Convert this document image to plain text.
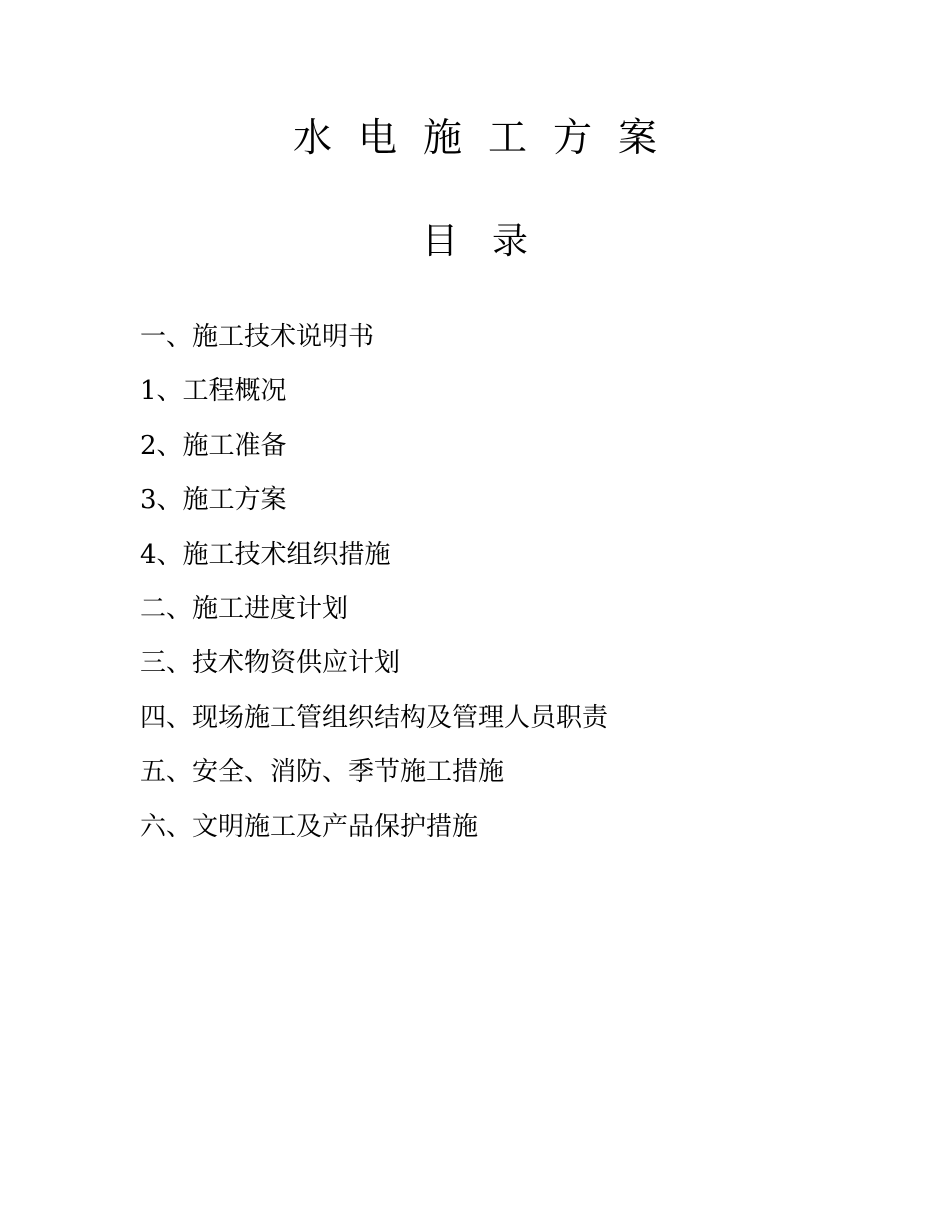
水电施工方案
目录
一、施工技术说明书
1、工程概况
2、施工准备
3、施工方案
4、施工技术组织措施
二、施工进度计划
三、技术物资供应计划
四、现场施工管组织结构及管理人员职责
五、安全、消防、季节施工措施
六、文明施工及产品保护措施
